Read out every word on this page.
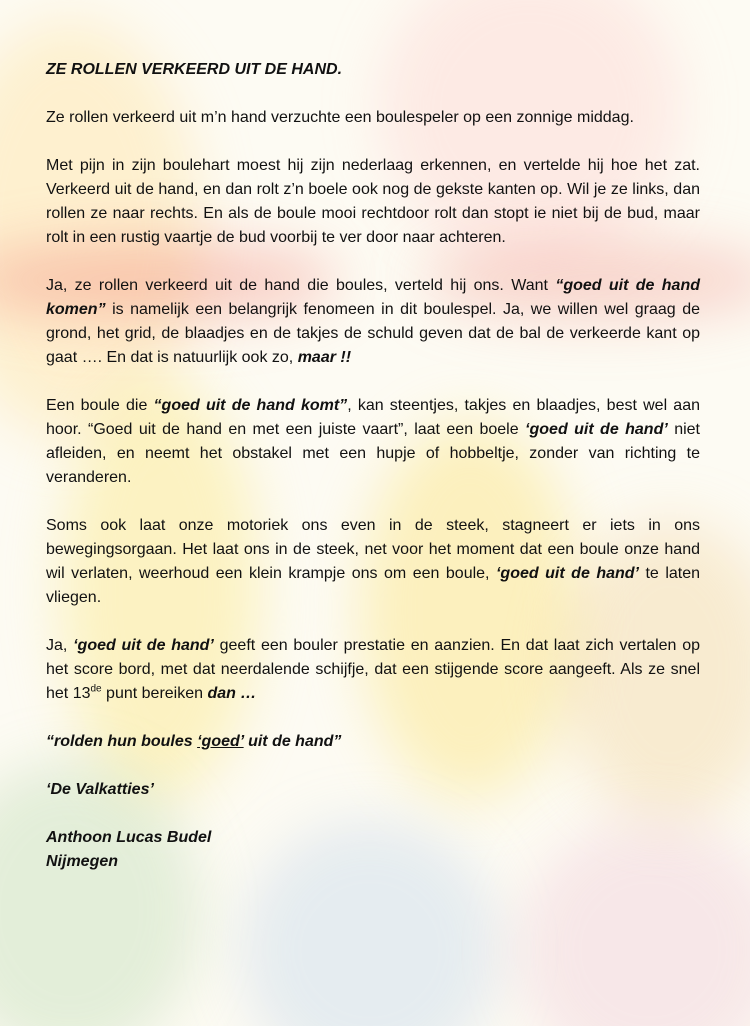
ZE ROLLEN VERKEERD UIT DE HAND.

Ze rollen verkeerd uit m’n hand verzuchte een boulespeler op een zonnige middag.

Met pijn in zijn boulehart moest hij zijn nederlaag erkennen, en vertelde hij hoe het zat. Verkeerd uit de hand, en dan rolt z’n boele ook nog de gekste kanten op. Wil je ze links, dan rollen ze naar rechts. En als de boule mooi rechtdoor rolt dan stopt ie niet bij de bud, maar rolt in een rustig vaartje de bud voorbij te ver door naar achteren.

Ja, ze rollen verkeerd uit de hand die boules, verteld hij ons. Want “goed uit de hand komen” is namelijk een belangrijk fenomeen in dit boulespel. Ja, we willen wel graag de grond, het grid, de blaadjes en de takjes de schuld geven dat de bal de verkeerde kant op gaat …. En dat is natuurlijk ook zo, maar !!

Een boule die “goed uit de hand komt”, kan steentjes, takjes en blaadjes, best wel aan hoor. “Goed uit de hand en met een juiste vaart”, laat een boele ‘goed uit de hand’ niet afleiden, en neemt het obstakel met een hupje of hobbeltje, zonder van richting te veranderen.

Soms ook laat onze motoriek ons even in de steek, stagneert er iets in ons bewegingsorgaan. Het laat ons in de steek, net voor het moment dat een boule onze hand wil verlaten, weerhoud een klein krampje ons om een boule, ‘goed uit de hand’ te laten vliegen.

Ja, ‘goed uit de hand’ geeft een bouler prestatie en aanzien. En dat laat zich vertalen op het score bord, met dat neerdalende schijfje, dat een stijgende score aangeeft. Als ze snel het 13de punt bereiken dan …

“rolden hun boules ‘goed’ uit de hand”

‘De Valkatties’

Anthoon Lucas Budel

Nijmegen
